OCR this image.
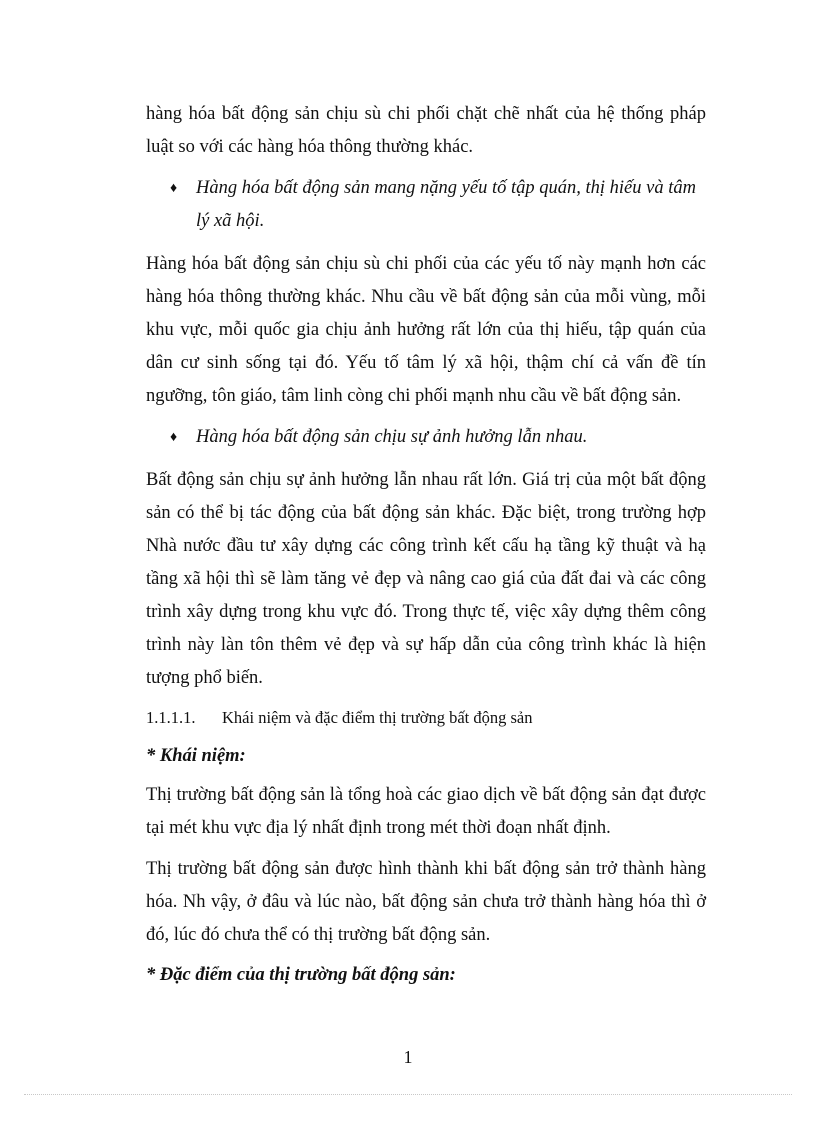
hàng hóa bất động sản chịu sù chi phối chặt chẽ nhất của hệ thống pháp luật so với các hàng hóa thông thường khác.

♦ Hàng hóa bất động sản mang nặng yếu tố tập quán, thị hiếu và tâm lý xã hội.

Hàng hóa bất động sản chịu sù chi phối của các yếu tố này mạnh hơn các hàng hóa thông thường khác. Nhu cầu về bất động sản của mỗi vùng, mỗi khu vực, mỗi quốc gia chịu ảnh hưởng rất lớn của thị hiếu, tập quán của dân cư sinh sống tại đó. Yếu tố tâm lý xã hội, thậm chí cả vấn đề tín ngưỡng, tôn giáo, tâm linh còng chi phối mạnh nhu cầu về bất động sản.

♦ Hàng hóa bất động sản chịu sự ảnh hưởng lẫn nhau.

Bất động sản chịu sự ảnh hưởng lẫn nhau rất lớn. Giá trị của một bất động sản có thể bị tác động của bất động sản khác. Đặc biệt, trong trường hợp Nhà nước đầu tư xây dựng các công trình kết cấu hạ tầng kỹ thuật và hạ tầng xã hội thì sẽ làm tăng vẻ đẹp và nâng cao giá của đất đai và các công trình xây dựng trong khu vực đó. Trong thực tế, việc xây dựng thêm công trình này làn tôn thêm vẻ đẹp và sự hấp dẫn của công trình khác là hiện tượng phổ biến.

1.1.1.1. Khái niệm và đặc điểm thị trường bất động sản
* Khái niệm:

Thị trường bất động sản là tổng hoà các giao dịch về bất động sản đạt được tại mét khu vực địa lý nhất định trong mét thời đoạn nhất định.

Thị trường bất động sản được hình thành khi bất động sản trở thành hàng hóa. Nh vậy, ở đâu và lúc nào, bất động sản chưa trở thành hàng hóa thì ở đó, lúc đó chưa thể có thị trường bất động sản.

* Đặc điểm của thị trường bất động sản:
1
